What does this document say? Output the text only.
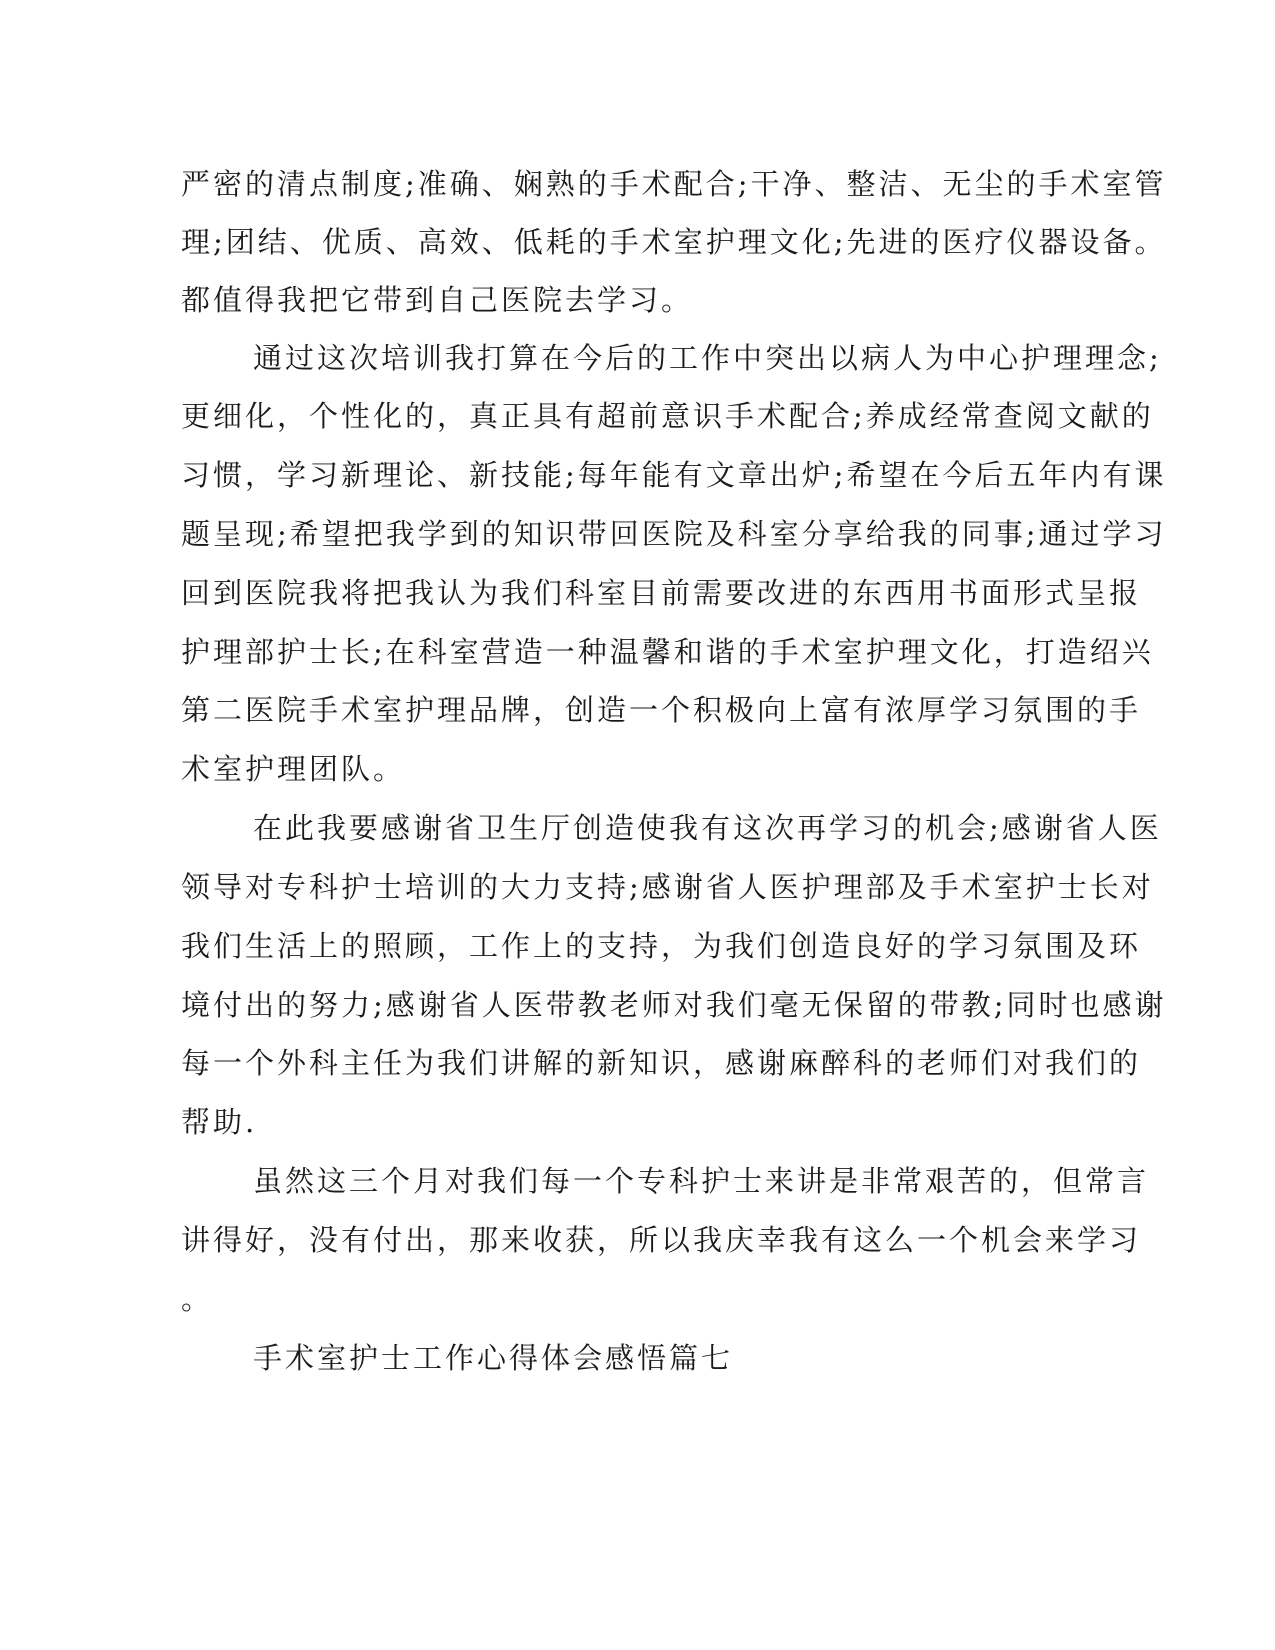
严密的清点制度;准确、娴熟的手术配合;干净、整洁、无尘的手术室管

理;团结、优质、高效、低耗的手术室护理文化;先进的医疗仪器设备。

都值得我把它带到自己医院去学习。

通过这次培训我打算在今后的工作中突出以病人为中心护理理念;

更细化，个性化的，真正具有超前意识手术配合;养成经常查阅文献的

习惯，学习新理论、新技能;每年能有文章出炉;希望在今后五年内有课

题呈现;希望把我学到的知识带回医院及科室分享给我的同事;通过学习

回到医院我将把我认为我们科室目前需要改进的东西用书面形式呈报

护理部护士长;在科室营造一种温馨和谐的手术室护理文化，打造绍兴

第二医院手术室护理品牌，创造一个积极向上富有浓厚学习氛围的手

术室护理团队。

在此我要感谢省卫生厅创造使我有这次再学习的机会;感谢省人医

领导对专科护士培训的大力支持;感谢省人医护理部及手术室护士长对

我们生活上的照顾，工作上的支持，为我们创造良好的学习氛围及环

境付出的努力;感谢省人医带教老师对我们毫无保留的带教;同时也感谢

每一个外科主任为我们讲解的新知识，感谢麻醉科的老师们对我们的

帮助.

虽然这三个月对我们每一个专科护士来讲是非常艰苦的，但常言

讲得好，没有付出，那来收获，所以我庆幸我有这么一个机会来学习

。

手术室护士工作心得体会感悟篇七
